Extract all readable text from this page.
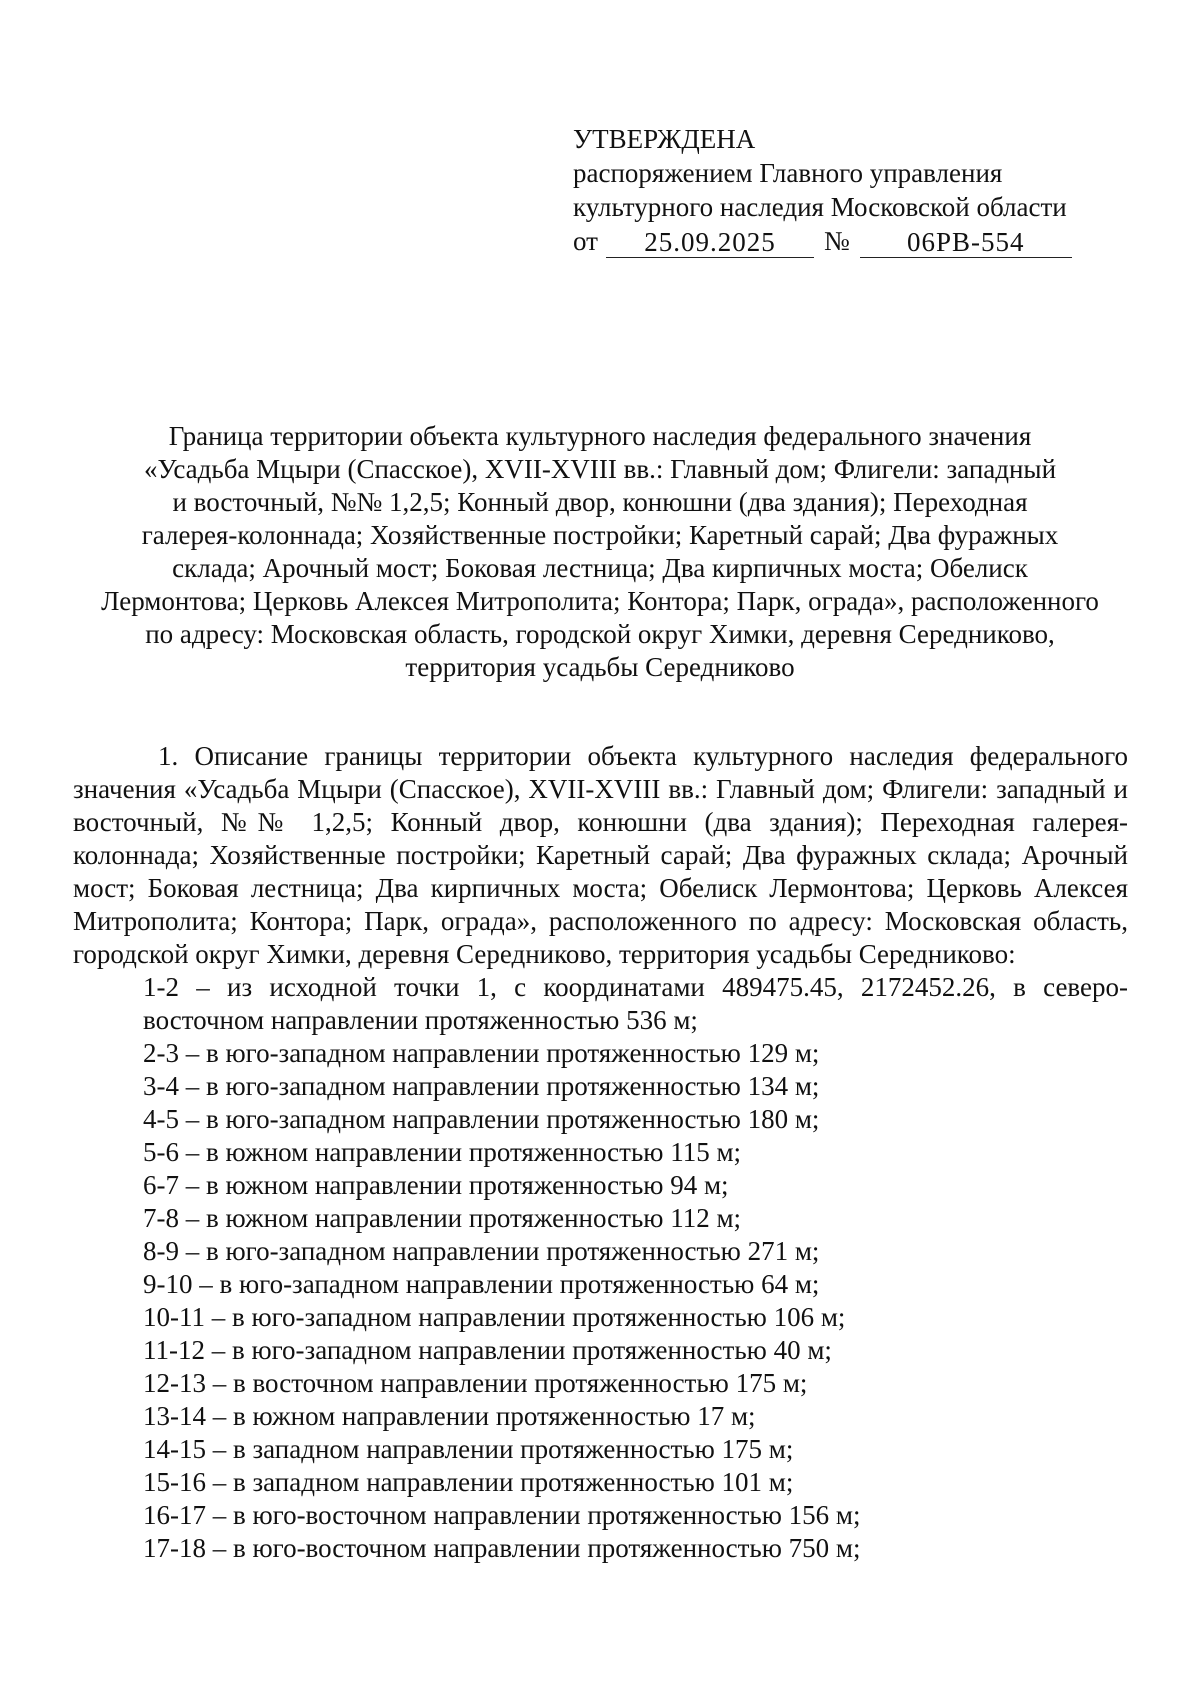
УТВЕРЖДЕНА
распоряжением Главного управления
культурного наследия Московской области
от 25.09.2025 № 06РВ-554
Граница территории объекта культурного наследия федерального значения
«Усадьба Мцыри (Спасское), XVII-XVIII вв.: Главный дом; Флигели: западный
и восточный, №№ 1,2,5; Конный двор, конюшни (два здания); Переходная
галерея-колоннада; Хозяйственные постройки; Каретный сарай; Два фуражных
склада; Арочный мост; Боковая лестница; Два кирпичных моста; Обелиск
Лермонтова; Церковь Алексея Митрополита; Контора; Парк, ограда», расположенного
по адресу: Московская область, городской округ Химки, деревня Середниково,
территория усадьбы Середниково

1. Описание границы территории объекта культурного наследия федерального значения «Усадьба Мцыри (Спасское), XVII-XVIII вв.: Главный дом; Флигели: западный и восточный, №№ 1,2,5; Конный двор, конюшни (два здания); Переходная галерея-колоннада; Хозяйственные постройки; Каретный сарай; Два фуражных склада; Арочный мост; Боковая лестница; Два кирпичных моста; Обелиск Лермонтова; Церковь Алексея Митрополита; Контора; Парк, ограда», расположенного по адресу: Московская область, городской округ Химки, деревня Середниково, территория усадьбы Середниково:

1-2 – из исходной точки 1, с координатами 489475.45, 2172452.26, в северо-восточном направлении протяженностью 536 м;
2-3 – в юго-западном направлении протяженностью 129 м;
3-4 – в юго-западном направлении протяженностью 134 м;
4-5 – в юго-западном направлении протяженностью 180 м;
5-6 – в южном направлении протяженностью 115 м;
6-7 – в южном направлении протяженностью 94 м;
7-8 – в южном направлении протяженностью 112 м;
8-9 – в юго-западном направлении протяженностью 271 м;
9-10 – в юго-западном направлении протяженностью 64 м;
10-11 – в юго-западном направлении протяженностью 106 м;
11-12 – в юго-западном направлении протяженностью 40 м;
12-13 – в восточном направлении протяженностью 175 м;
13-14 – в южном направлении протяженностью 17 м;
14-15 – в западном направлении протяженностью 175 м;
15-16 – в западном направлении протяженностью 101 м;
16-17 – в юго-восточном направлении протяженностью 156 м;
17-18 – в юго-восточном направлении протяженностью 750 м;
